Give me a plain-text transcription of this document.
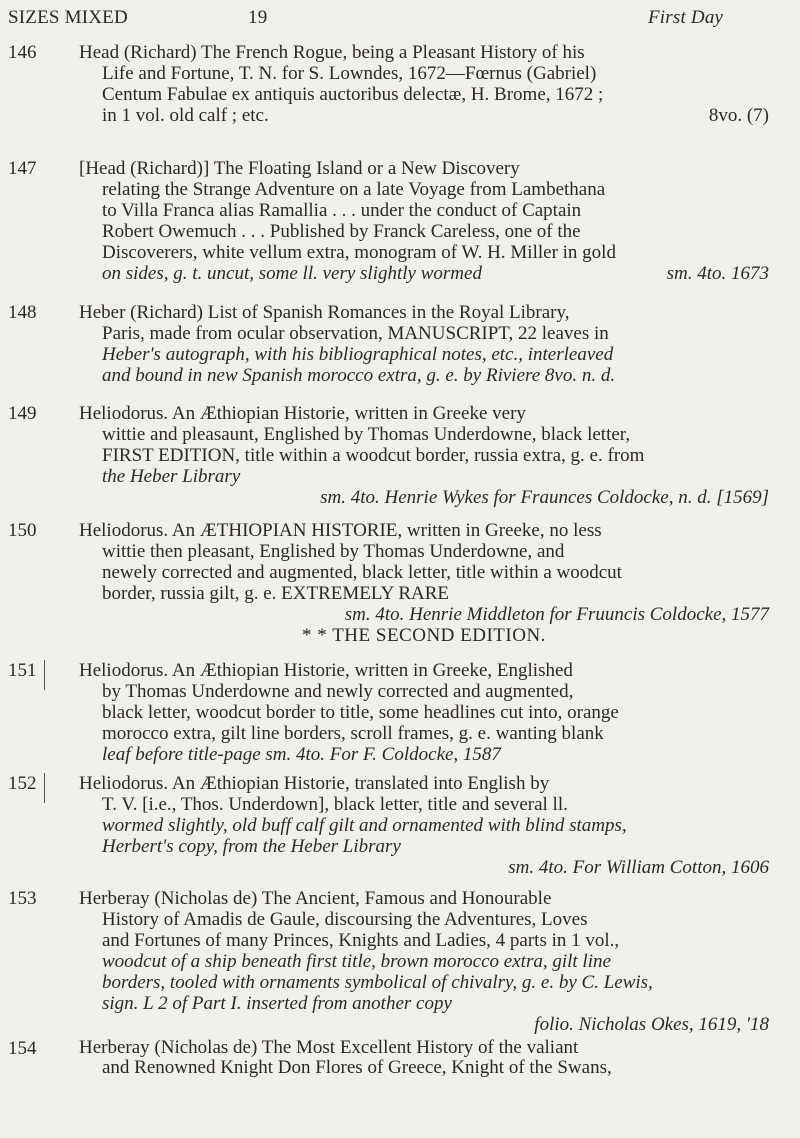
SIZES MIXED	19	First Day
146 Head (Richard) The French Rogue, being a Pleasant History of his
Life and Fortune, T. N. for S. Lowndes, 1672—Fœrnus (Gabriel)
Centum Fabulae ex antiquis auctoribus delectæ, H. Brome, 1672 ;
in 1 vol. old calf ; etc.	8vo. (7)
147 [Head (Richard)] The Floating Island or a New Discovery
relating the Strange Adventure on a late Voyage from Lambethana
to Villa Franca alias Ramallia . . . under the conduct of Captain
Robert Owemuch . . . Published by Franck Careless, one of the
Discoverers, white vellum extra, monogram of W. H. Miller in gold
on sides, g. t. uncut, some ll. very slightly wormed	sm. 4to. 1673
148 Heber (Richard) List of Spanish Romances in the Royal Library,
Paris, made from ocular observation, MANUSCRIPT, 22 leaves in
Heber's autograph, with his bibliographical notes, etc., interleaved
and bound in new Spanish morocco extra, g. e. by Riviere 8vo. n. d.
149 Heliodorus. An Æthiopian Historie, written in Greeke very
wittie and pleasaunt, Englished by Thomas Underdowne, black letter,
FIRST EDITION, title within a woodcut border, russia extra, g. e. from
the Heber Library
sm. 4to. Henrie Wykes for Fraunces Coldocke, n. d. [1569]
150 Heliodorus. An ÆTHIOPIAN HISTORIE, written in Greeke, no less
wittie then pleasant, Englished by Thomas Underdowne, and
newely corrected and augmented, black letter, title within a woodcut
border, russia gilt, g. e. EXTREMELY RARE
sm. 4to. Henrie Middleton for Fruuncis Coldocke, 1577
* * THE SECOND EDITION.
151 Heliodorus. An Æthiopian Historie, written in Greeke, Englished
by Thomas Underdowne and newly corrected and augmented,
black letter, woodcut border to title, some headlines cut into, orange
morocco extra, gilt line borders, scroll frames, g. e. wanting blank
leaf before title-page sm. 4to. For F. Coldocke, 1587
152 Heliodorus. An Æthiopian Historie, translated into English by
T. V. [i.e., Thos. Underdown], black letter, title and several ll.
wormed slightly, old buff calf gilt and ornamented with blind stamps,
Herbert's copy, from the Heber Library
sm. 4to. For William Cotton, 1606
153 Herberay (Nicholas de) The Ancient, Famous and Honourable
History of Amadis de Gaule, discoursing the Adventures, Loves
and Fortunes of many Princes, Knights and Ladies, 4 parts in 1 vol.,
woodcut of a ship beneath first title, brown morocco extra, gilt line
borders, tooled with ornaments symbolical of chivalry, g. e. by C. Lewis,
sign. L 2 of Part I. inserted from another copy
folio. Nicholas Okes, 1619, '18
154 Herberay (Nicholas de) The Most Excellent History of the valiant
and Renowned Knight Don Flores of Greece, Knight of the Swans,
